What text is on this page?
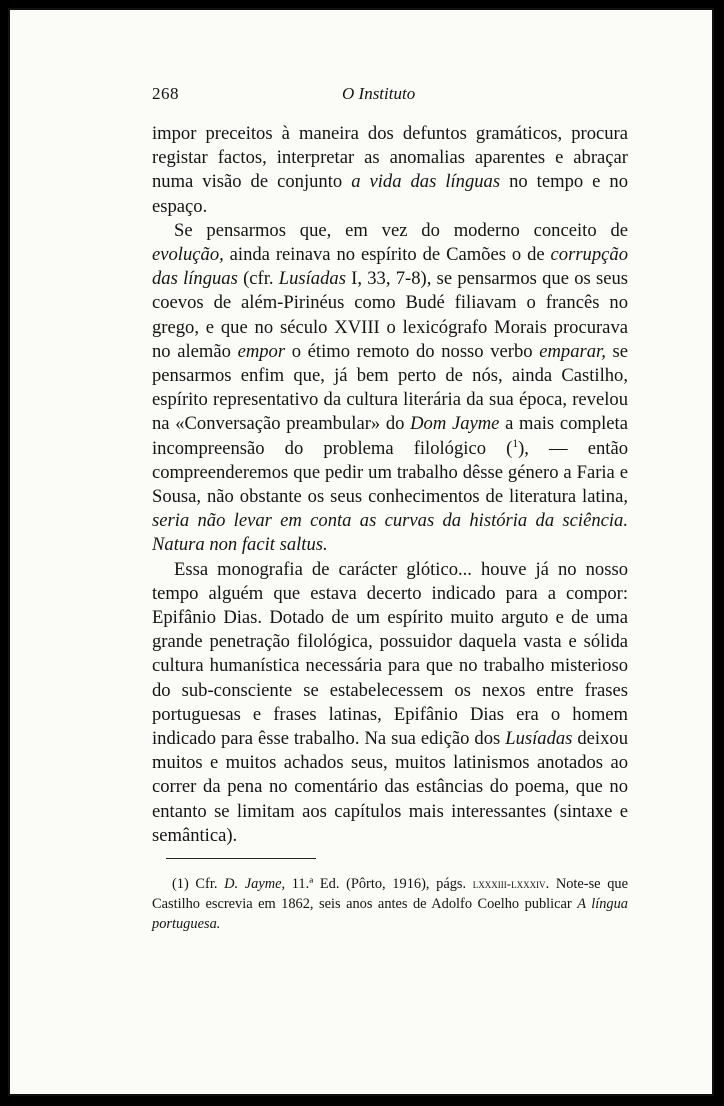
268	O Instituto

impor preceitos à maneira dos defuntos gramáticos, procura registar factos, interpretar as anomalias aparentes e abraçar numa visão de conjunto a vida das línguas no tempo e no espaço.

Se pensarmos que, em vez do moderno conceito de evolução, ainda reinava no espírito de Camões o de corrupção das línguas (cfr. Lusíadas I, 33, 7-8), se pensarmos que os seus coevos de além-Pirinéus como Budé filiavam o francês no grego, e que no século XVIII o lexicógrafo Morais procurava no alemão empor o étimo remoto do nosso verbo emparar, se pensarmos enfim que, já bem perto de nós, ainda Castilho, espírito representativo da cultura literária da sua época, revelou na «Conversação preambular» do Dom Jayme a mais completa incompreensão do problema filológico ($^1$), — então compreenderemos que pedir um trabalho dêsse género a Faria e Sousa, não obstante os seus conhecimentos de literatura latina, seria não levar em conta as curvas da história da sciência. Natura non facit saltus.

Essa monografia de carácter glótico... houve já no nosso tempo alguém que estava decerto indicado para a compor: Epifânio Dias. Dotado de um espírito muito arguto e de uma grande penetração filológica, possuidor daquela vasta e sólida cultura humanística necessária para que no trabalho misterioso do sub-consciente se estabelecessem os nexos entre frases portuguesas e frases latinas, Epifânio Dias era o homem indicado para êsse trabalho. Na sua edição dos Lusíadas deixou muitos e muitos achados seus, muitos latinismos anotados ao correr da pena no comentário das estâncias do poema, que no entanto se limitam aos capítulos mais interessantes (sintaxe e semântica).

(1) Cfr. D. Jayme, 11.ª Ed. (Pôrto, 1916), págs. lxxxiii-lxxxiv. Note-se que Castilho escrevia em 1862, seis anos antes de Adolfo Coelho publicar A língua portuguesa.
